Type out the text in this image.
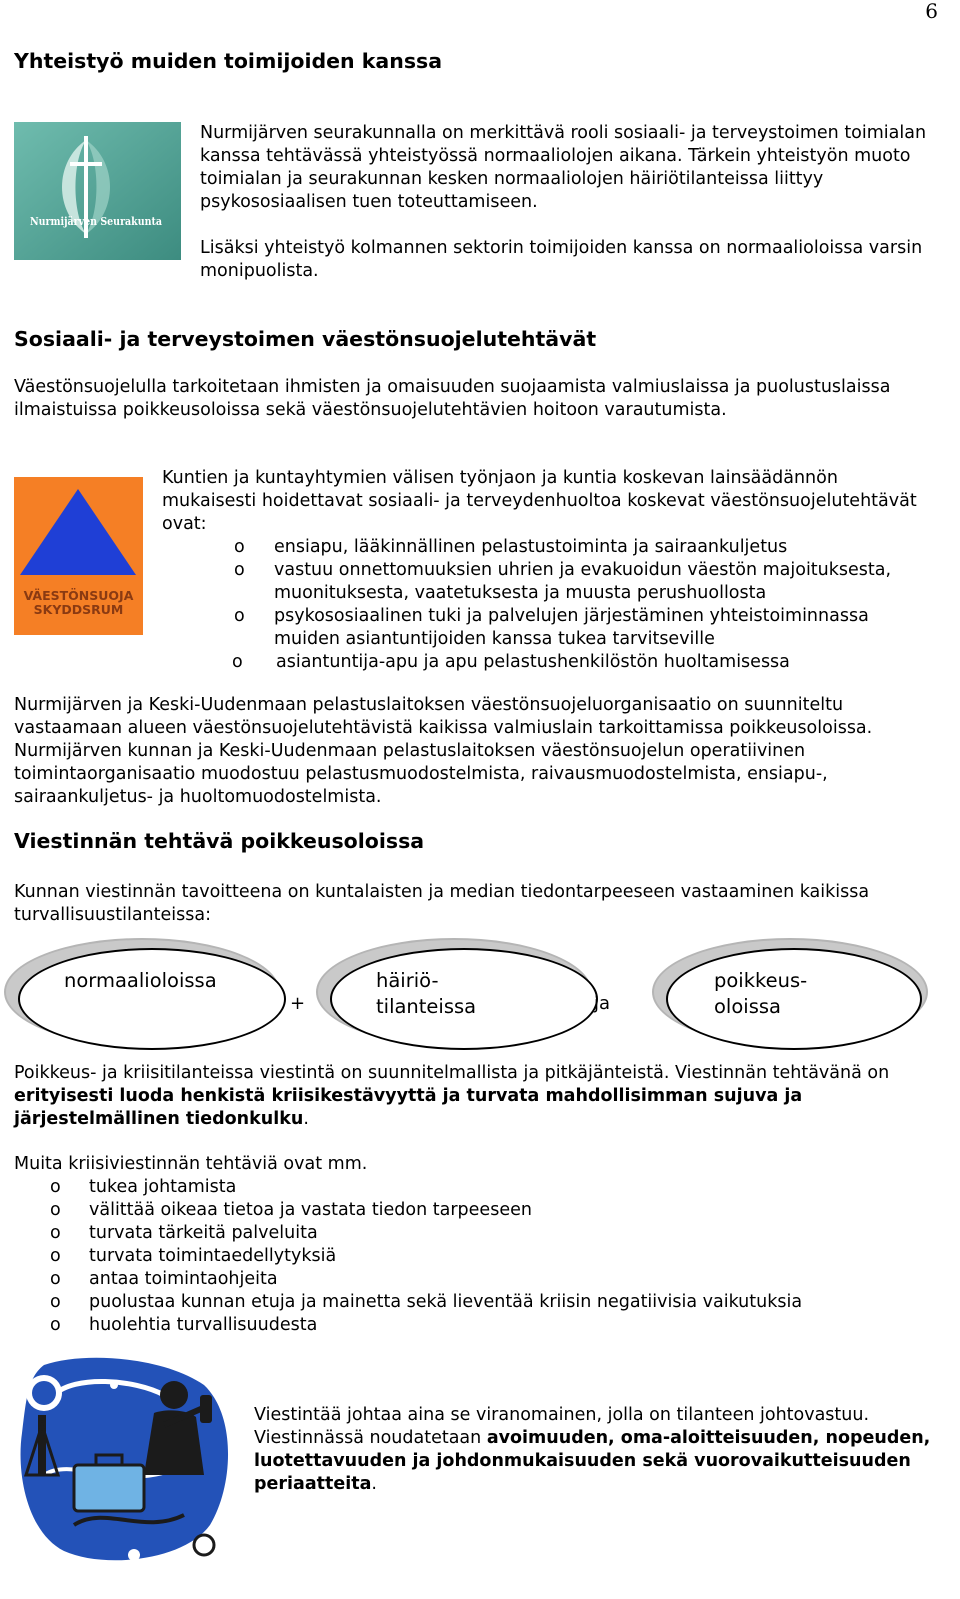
6
Yhteistyö muiden toimijoiden kanssa
Nurmijärven Seurakunta

Nurmijärven seurakunnalla on merkittävä rooli sosiaali- ja terveystoimen toimialan kanssa tehtävässä yhteistyössä normaaliolojen aikana. Tärkein yhteistyön muoto toimialan ja seurakunnan kesken normaaliolojen häiriötilanteissa liittyy psykososiaalisen tuen toteuttamiseen.

Lisäksi yhteistyö kolmannen sektorin toimijoiden kanssa on normaalioloissa varsin monipuolista.

Sosiaali- ja terveystoimen väestönsuojelutehtävät

Väestönsuojelulla tarkoitetaan ihmisten ja omaisuuden suojaamista valmiuslaissa ja puolustuslaissa ilmaistuissa poikkeusoloissa sekä väestönsuojelutehtävien hoitoon varautumista.

VÄESTÖNSUOJA
SKYDDSRUM

Kuntien ja kuntayhtymien välisen työnjaon ja kuntia koskevan lainsäädännön mukaisesti hoidettavat sosiaali- ja terveydenhuoltoa koskevat väestönsuojelutehtävät ovat:

o ensiapu, lääkinnällinen pelastustoiminta ja sairaankuljetus
o vastuu onnettomuuksien uhrien ja evakuoidun väestön majoituksesta, muonituksesta, vaatetuksesta ja muusta perushuollosta
o psykososiaalinen tuki ja palvelujen järjestäminen yhteistoiminnassa muiden asiantuntijoiden kanssa tukea tarvitseville
o asiantuntija-apu ja apu pelastushenkilöstön huoltamisessa

Nurmijärven ja Keski-Uudenmaan pelastuslaitoksen väestönsuojeluorganisaatio on suunniteltu vastaamaan alueen väestönsuojelutehtävistä kaikissa valmiuslain tarkoittamissa poikkeusoloissa. Nurmijärven kunnan ja Keski-Uudenmaan pelastuslaitoksen väestönsuojelun operatiivinen toimintaorganisaatio muodostuu pelastusmuodostelmista, raivausmuodostelmista, ensiapu-, sairaankuljetus- ja huoltomuodostelmista.

Viestinnän tehtävä poikkeusoloissa

Kunnan viestinnän tavoitteena on kuntalaisten ja median tiedontarpeeseen vastaaminen kaikissa turvallisuustilanteissa:

normaalioloissa
+
häiriö-
tilanteissa	ja
poikkeus-
oloissa

Poikkeus- ja kriisitilanteissa viestintä on suunnitelmallista ja pitkäjänteistä. Viestinnän tehtävänä on erityisesti luoda henkistä kriisikestävyyttä ja turvata mahdollisimman sujuva ja järjestelmällinen tiedonkulku.

Muita kriisiviestinnän tehtäviä ovat mm.

o tukea johtamista
o välittää oikeaa tietoa ja vastata tiedon tarpeeseen
o turvata tärkeitä palveluita
o turvata toimintaedellytyksiä
o antaa toimintaohjeita
o puolustaa kunnan etuja ja mainetta sekä lieventää kriisin negatiivisia vaikutuksia
o huolehtia turvallisuudesta

Viestintää johtaa aina se viranomainen, jolla on tilanteen johtovastuu. Viestinnässä noudatetaan avoimuuden, oma-aloitteisuuden, nopeuden, luotettavuuden ja johdonmukaisuuden sekä vuorovaikutteisuuden periaatteita.
